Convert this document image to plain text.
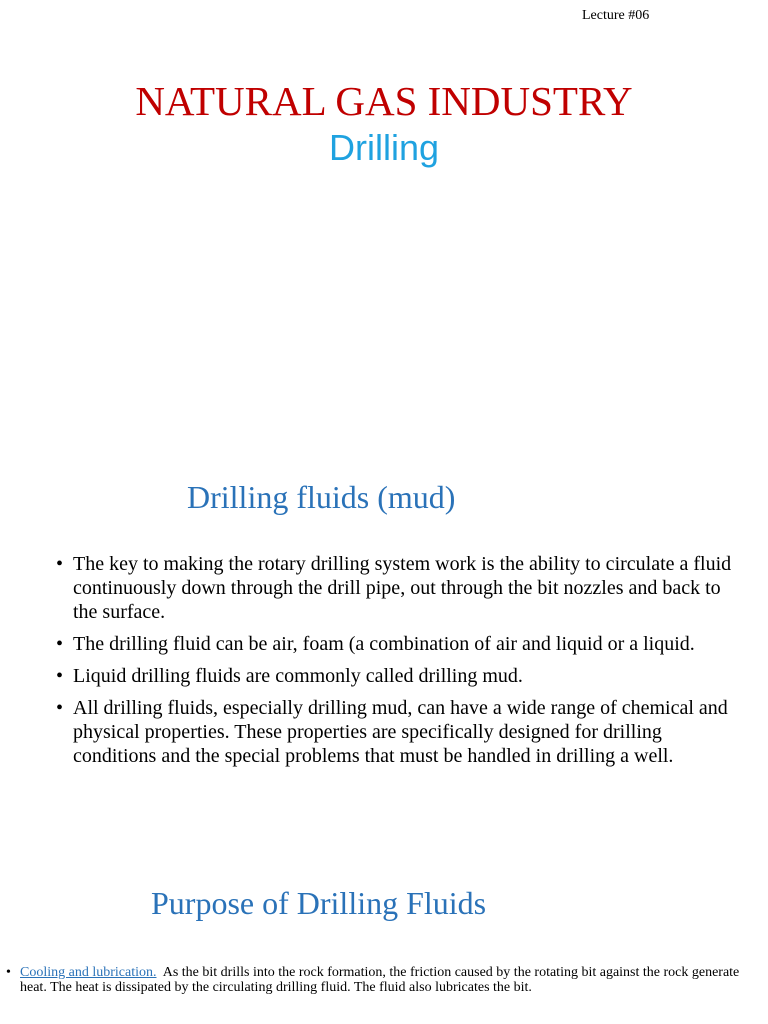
Lecture #06
NATURAL GAS INDUSTRY
Drilling
Drilling fluids (mud)
• The key to making the rotary drilling system work is the ability to circulate a fluid continuously down through the drill pipe, out through the bit nozzles and back to the surface.
• The drilling fluid can be air, foam (a combination of air and liquid or a liquid.
• Liquid drilling fluids are commonly called drilling mud.
• All drilling fluids, especially drilling mud, can have a wide range of chemical and physical properties. These properties are specifically designed for drilling conditions and the special problems that must be handled in drilling a well.
Purpose of Drilling Fluids
• Cooling and lubrication. As the bit drills into the rock formation, the friction caused by the rotating bit against the rock generate heat. The heat is dissipated by the circulating drilling fluid. The fluid also lubricates the bit.
